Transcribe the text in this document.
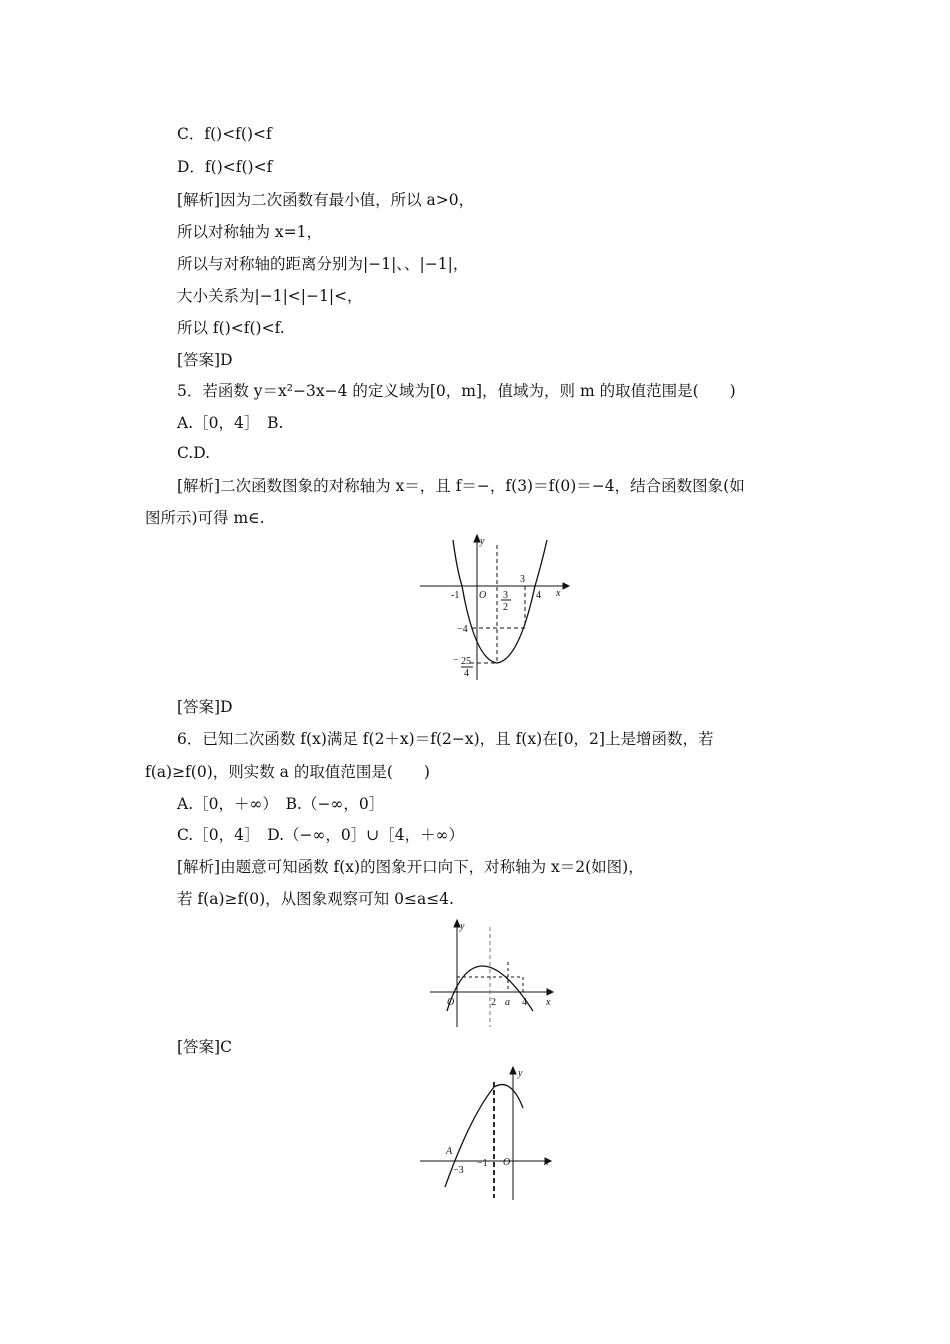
C．f()<f()<f
D．f()<f()<f
[解析]因为二次函数有最小值，所以 a>0，
所以对称轴为 x=1，
所以与对称轴的距离分别为|−1|、、|−1|，
大小关系为|−1|<|−1|<，
所以 f()<f()<f.
[答案]D
5．若函数 y＝x²−3x−4 的定义域为[0，m]，值域为，则 m 的取值范围是(　　)
A.［0，4］　B.
C.D.
[解析]二次函数图象的对称轴为 x＝，且 f＝−，f(3)＝f(0)＝−4，结合函数图象(如
图所示)可得 m∈.
[答案]D
6．已知二次函数 f(x)满足 f(2＋x)＝f(2−x)，且 f(x)在[0，2]上是增函数，若
f(a)≥f(0)，则实数 a 的取值范围是(　　)
A.［0，＋∞）　B.（−∞，0］
C.［0，4］　D.（−∞，0］∪［4，＋∞）
[解析]由题意可知函数 f(x)的图象开口向下，对称轴为 x＝2(如图)，
若 f(a)≥f(0)，从图象观察可知 0≤a≤4.
[答案]C
y
x
O
-1
3
4
3
2
−4
− 25
4
y
x
O	2 a 4
y
x
O
A
−3
−1
